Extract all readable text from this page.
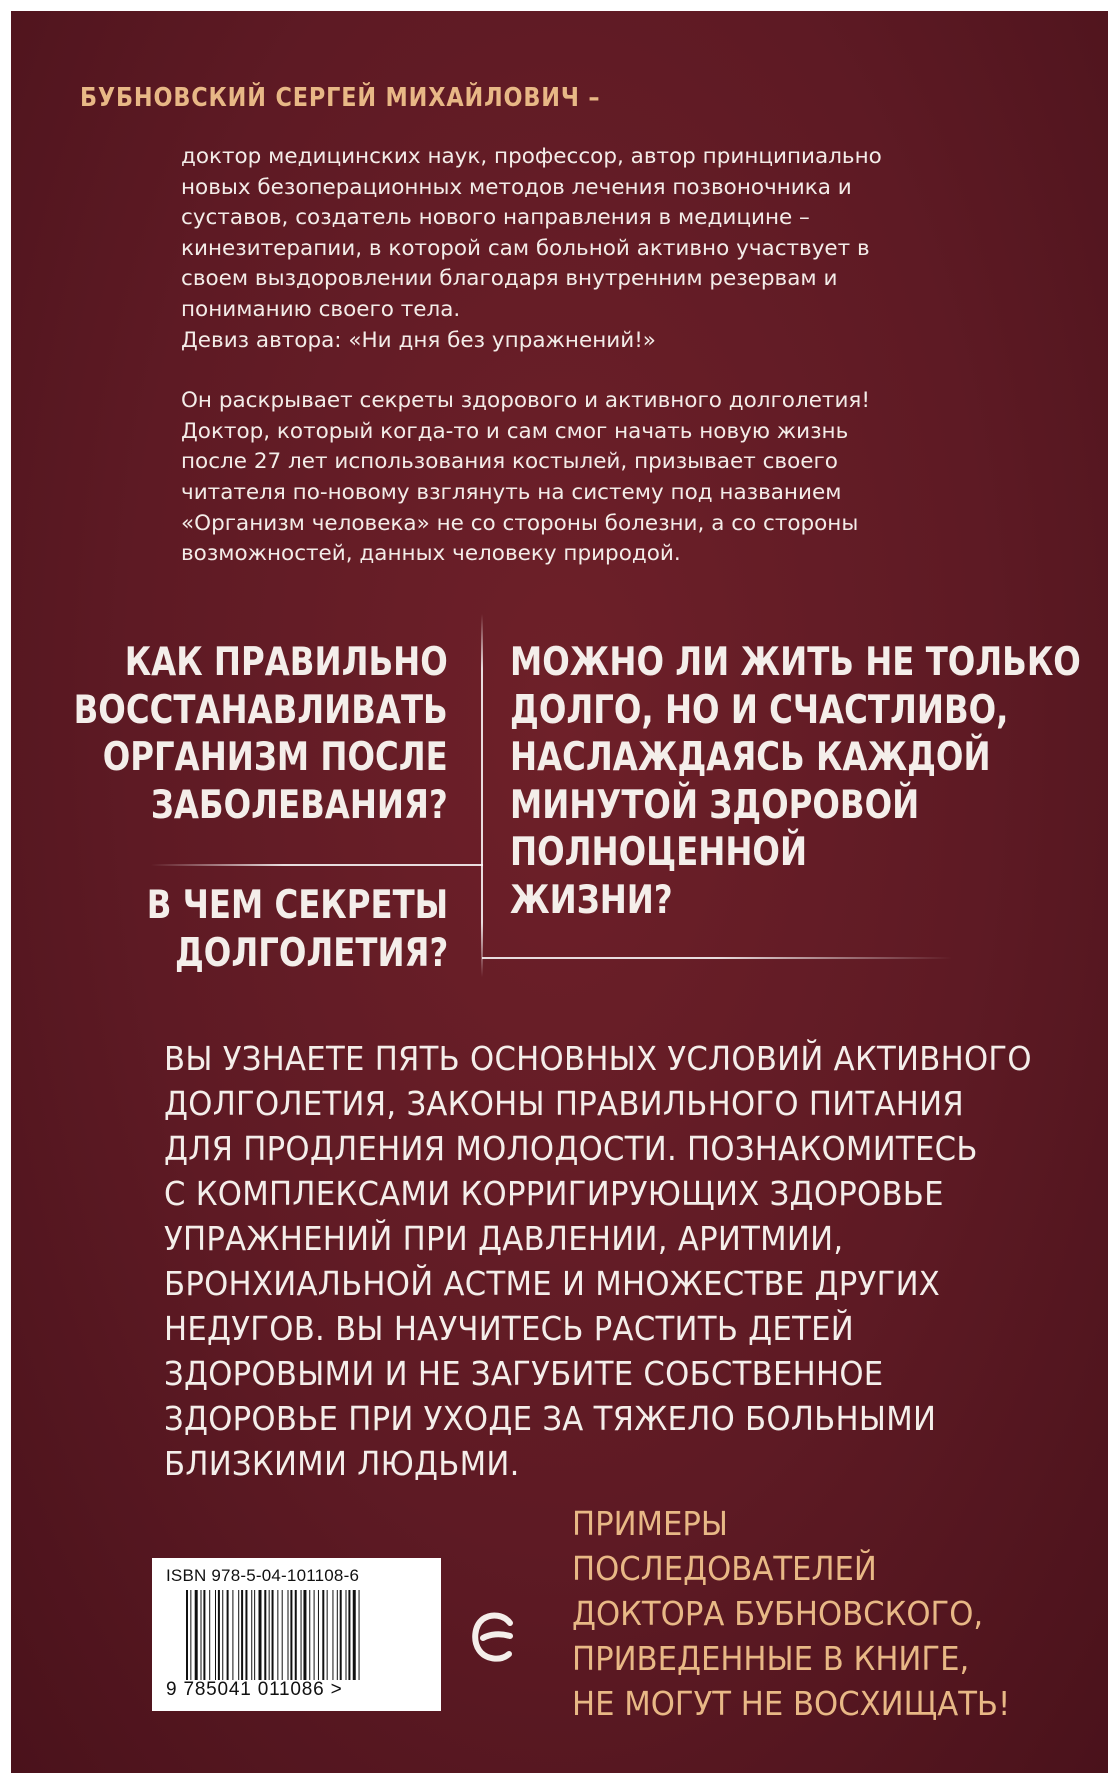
БУБНОВСКИЙ СЕРГЕЙ МИХАЙЛОВИЧ –

доктор медицинских наук, профессор, автор принципиально

новых безоперационных методов лечения позвоночника и

суставов, создатель нового направления в медицине –

кинезитерапии, в которой сам больной активно участвует в

своем выздоровлении благодаря внутренним резервам и

пониманию своего тела.

Девиз автора: «Ни дня без упражнений!»

Он раскрывает секреты здорового и активного долголетия!

Доктор, который когда-то и сам смог начать новую жизнь

после 27 лет использования костылей, призывает своего

читателя по-новому взглянуть на систему под названием

«Организм человека» не со стороны болезни, а со стороны

возможностей, данных человеку природой.

КАК ПРАВИЛЬНО
ВОССТАНАВЛИВАТЬ
ОРГАНИЗМ ПОСЛЕ
ЗАБОЛЕВАНИЯ?
В ЧЕМ СЕКРЕТЫ
ДОЛГОЛЕТИЯ?
МОЖНО ЛИ ЖИТЬ НЕ ТОЛЬКО
ДОЛГО, НО И СЧАСТЛИВО,
НАСЛАЖДАЯСЬ КАЖДОЙ
МИНУТОЙ ЗДОРОВОЙ
ПОЛНОЦЕННОЙ
ЖИЗНИ?
ВЫ УЗНАЕТЕ ПЯТЬ ОСНОВНЫХ УСЛОВИЙ АКТИВНОГО
ДОЛГОЛЕТИЯ, ЗАКОНЫ ПРАВИЛЬНОГО ПИТАНИЯ
ДЛЯ ПРОДЛЕНИЯ МОЛОДОСТИ. ПОЗНАКОМИТЕСЬ
С КОМПЛЕКСАМИ КОРРИГИРУЮЩИХ ЗДОРОВЬЕ
УПРАЖНЕНИЙ ПРИ ДАВЛЕНИИ, АРИТМИИ,
БРОНХИАЛЬНОЙ АСТМЕ И МНОЖЕСТВЕ ДРУГИХ
НЕДУГОВ. ВЫ НАУЧИТЕСЬ РАСТИТЬ ДЕТЕЙ
ЗДОРОВЫМИ И НЕ ЗАГУБИТЕ СОБСТВЕННОЕ
ЗДОРОВЬЕ ПРИ УХОДЕ ЗА ТЯЖЕЛО БОЛЬНЫМИ
БЛИЗКИМИ ЛЮДЬМИ.
ПРИМЕРЫ
ПОСЛЕДОВАТЕЛЕЙ
ДОКТОРА БУБНОВСКОГО,
ПРИВЕДЕННЫЕ В КНИГЕ,
НЕ МОГУТ НЕ ВОСХИЩАТЬ!
ISBN 978-5-04-101108-6
9 785041 011086 >
